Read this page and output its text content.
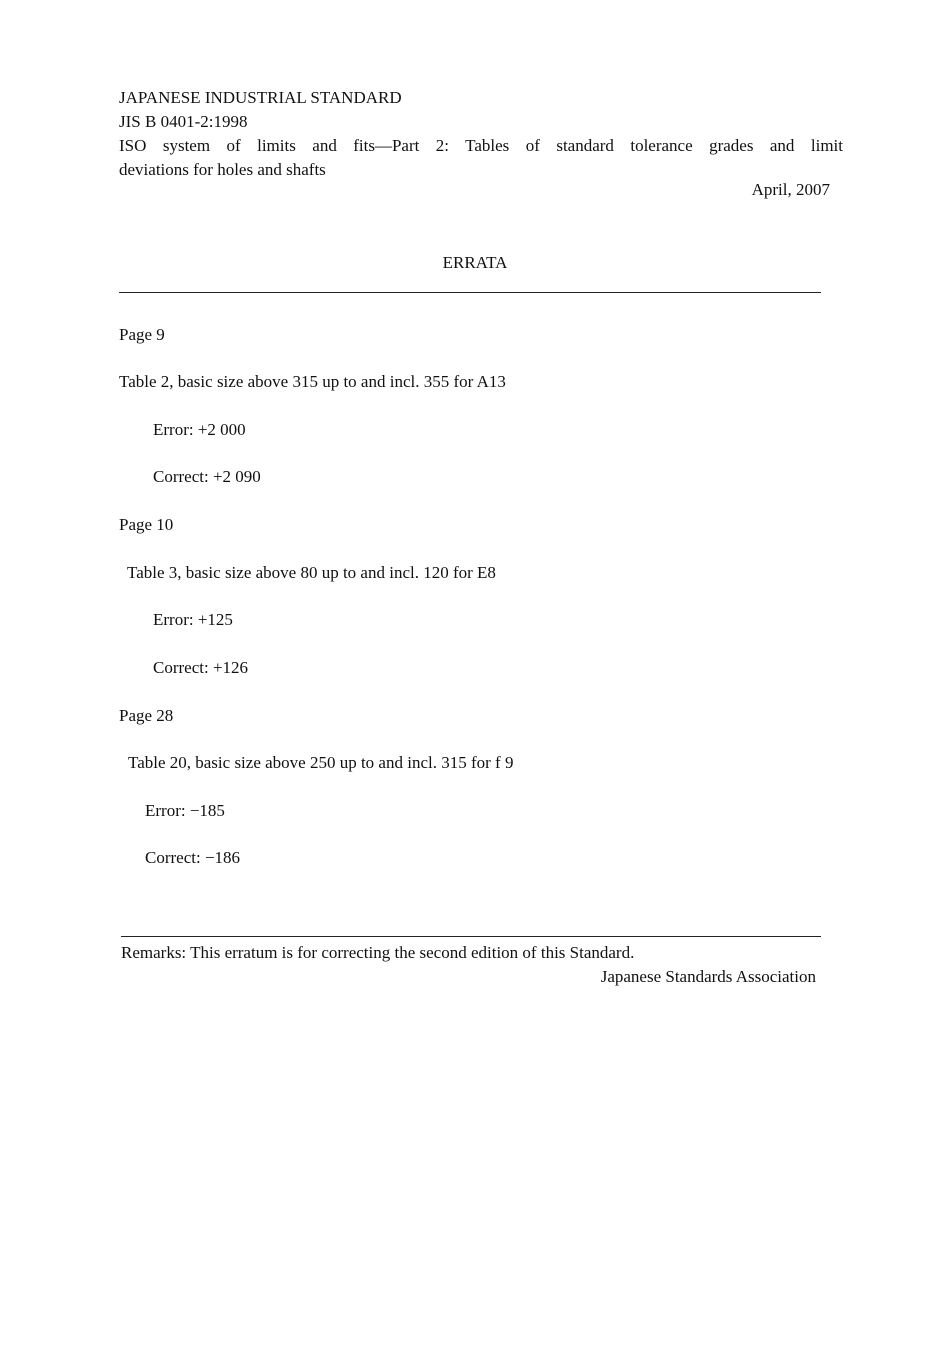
JAPANESE INDUSTRIAL STANDARD
JIS B 0401-2:1998
ISO system of limits and fits—Part 2: Tables of standard tolerance grades and limit
deviations for holes and shafts
April, 2007
ERRATA
Page 9
Table 2, basic size above 315 up to and incl. 355 for A13
Error: +2 000
Correct: +2 090
Page 10
Table 3, basic size above 80 up to and incl. 120 for E8
Error: +125
Correct: +126
Page 28
Table 20, basic size above 250 up to and incl. 315 for f 9
Error: −185
Correct: −186
Remarks: This erratum is for correcting the second edition of this Standard.
Japanese Standards Association
